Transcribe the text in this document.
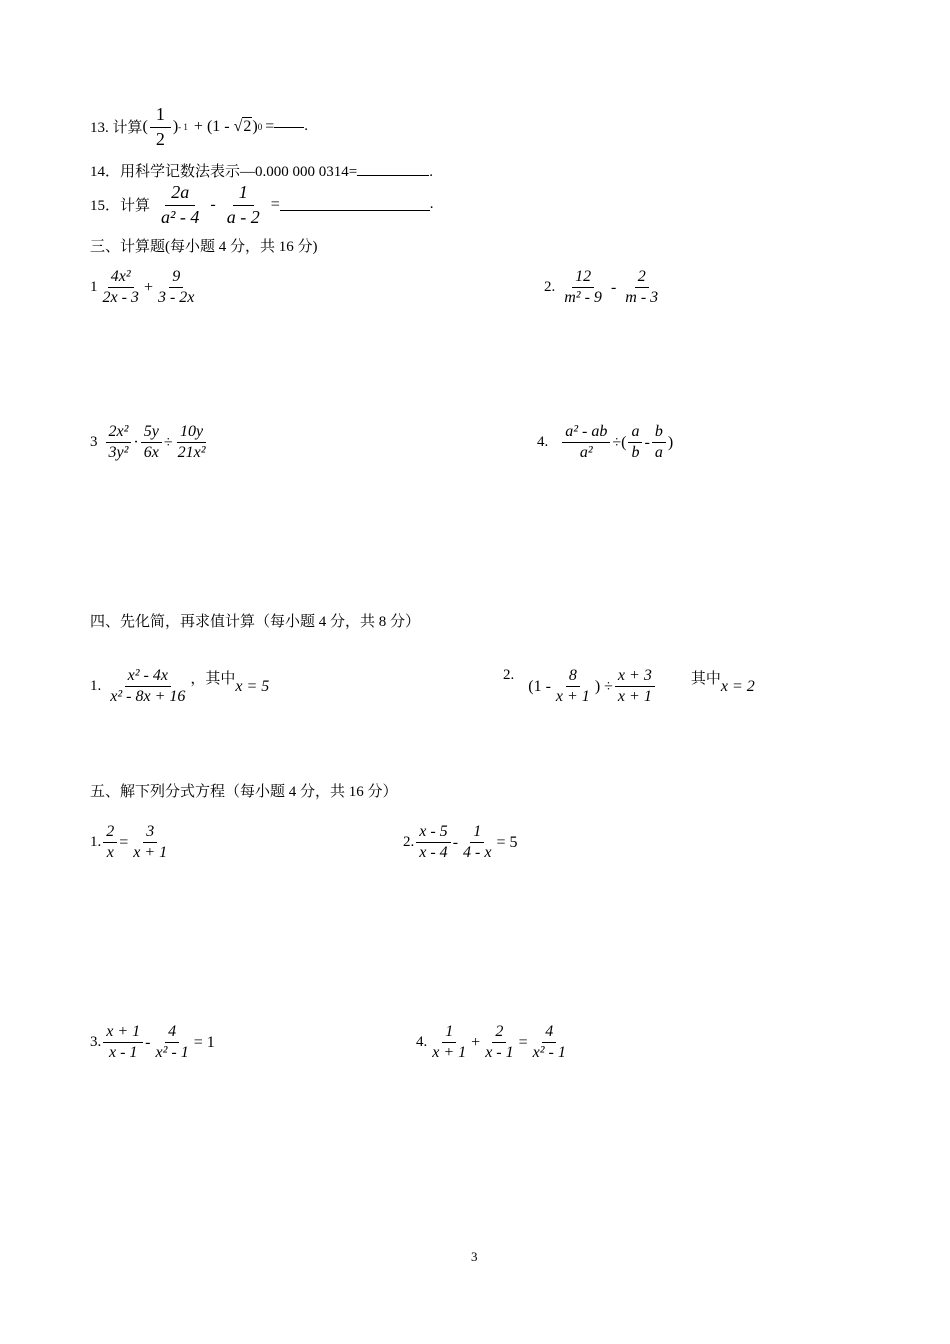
13. 计算 ( $\frac{1}{2}$ ) - 1 + (1 - √2 ) 0 = .
14．用科学记数法表示—0.000 000 0314=	.
15．计算 $\frac{2a}{\text{a² - 4}} - \frac{1}{a - 2}$ =	.
三、计算题(每小题 4 分，共 16 分)
$1 \frac{\text{4x²}}{2x - 3} + \frac{9}{3 - 2x}$	2. $\frac{12}{\text{m² - 9}} - \frac{2}{m - 3}$
$3 \frac{\text{2x²}}{\text{3y²}} \cdot \frac{5y}{6x} \div \frac{10y}{\text{21x²}}$	4. $\frac{\text{a² - ab}}{\text{a²}}$ ÷( $\frac{a}{b} - \frac{b}{a}$ )
四、先化简，再求值计算（每小题 4 分，共 8 分）
1. $\frac{\text{x² - 4x}}{\text{x² - 8x + 16}}$ ，其中 x = 5
2.
($1 - \frac{8}{x + 1}$ ) ÷ $\frac{x + 3}{x + 1}$ 其中 x = 2
五、解下列分式方程（每小题 4 分，共 16 分）
1. $\frac{2}{x} = \frac{3}{x + 1}$	2. $\frac{x - 5}{x - 4} - \frac{1}{4 - x} = 5$
3. $\frac{x + 1}{x - 1} - \frac{4}{\text{x² - 1}} = 1$	4. $\frac{1}{x + 1} + \frac{2}{x - 1} = \frac{4}{\text{x² - 1}}$
3
